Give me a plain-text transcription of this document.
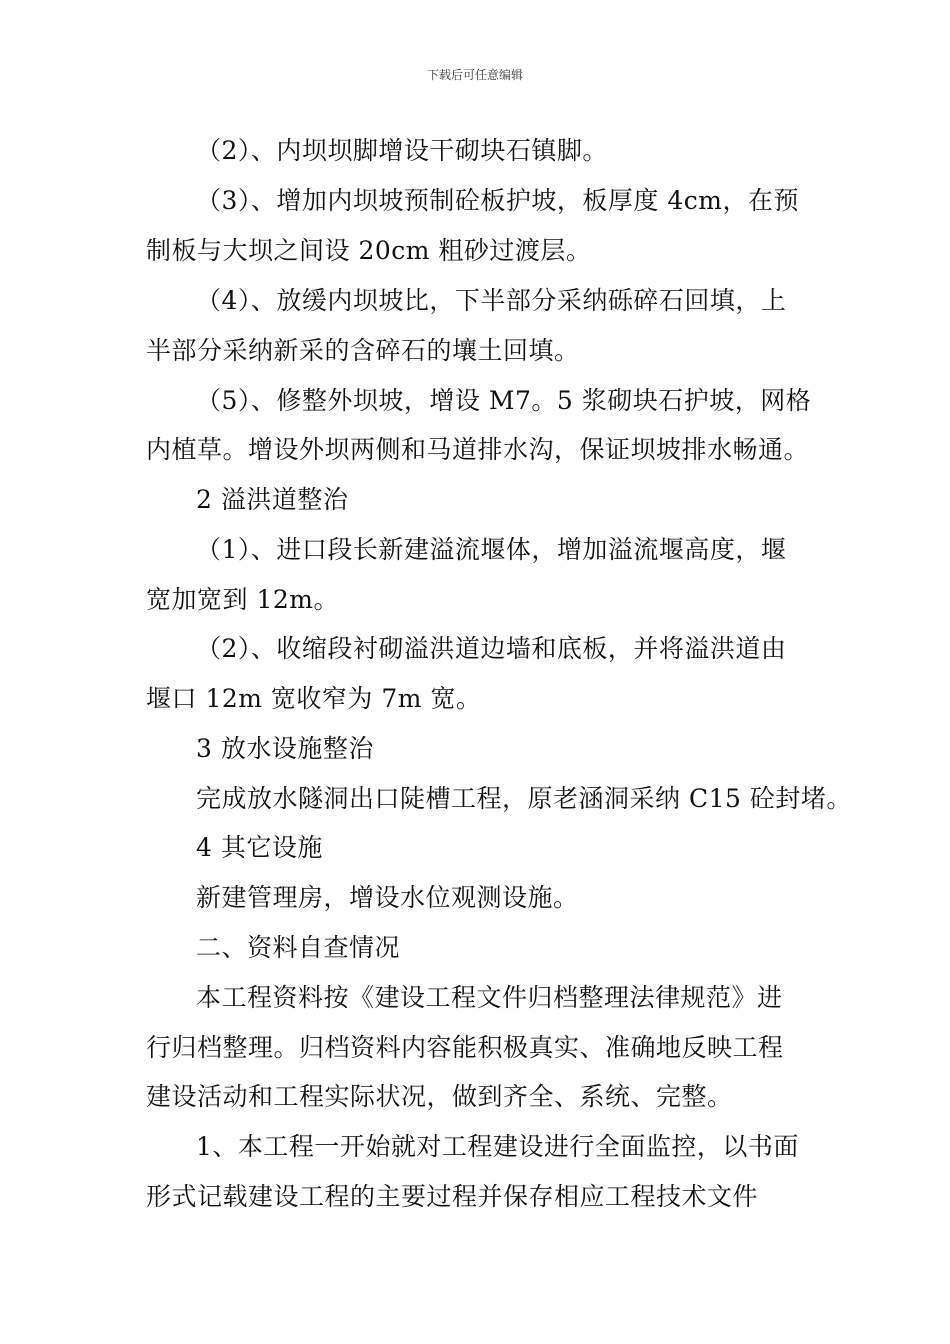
下载后可任意编辑
（2）、内坝坝脚增设干砌块石镇脚。
（3）、增加内坝坡预制砼板护坡，板厚度 4cm，在预
制板与大坝之间设 20cm 粗砂过渡层。
（4）、放缓内坝坡比，下半部分采纳砾碎石回填，上
半部分采纳新采的含碎石的壤土回填。
（5）、修整外坝坡，增设 M7。5 浆砌块石护坡，网格
内植草。增设外坝两侧和马道排水沟，保证坝坡排水畅通。
2 溢洪道整治
（1）、进口段长新建溢流堰体，增加溢流堰高度，堰
宽加宽到 12m。
（2）、收缩段衬砌溢洪道边墙和底板，并将溢洪道由
堰口 12m 宽收窄为 7m 宽。
3 放水设施整治
完成放水隧洞出口陡槽工程，原老涵洞采纳 C15 砼封堵。
4 其它设施
新建管理房，增设水位观测设施。
二、资料自查情况
本工程资料按《建设工程文件归档整理法律规范》进
行归档整理。归档资料内容能积极真实、准确地反映工程
建设活动和工程实际状况，做到齐全、系统、完整。
1、本工程一开始就对工程建设进行全面监控，以书面
形式记载建设工程的主要过程并保存相应工程技术文件
